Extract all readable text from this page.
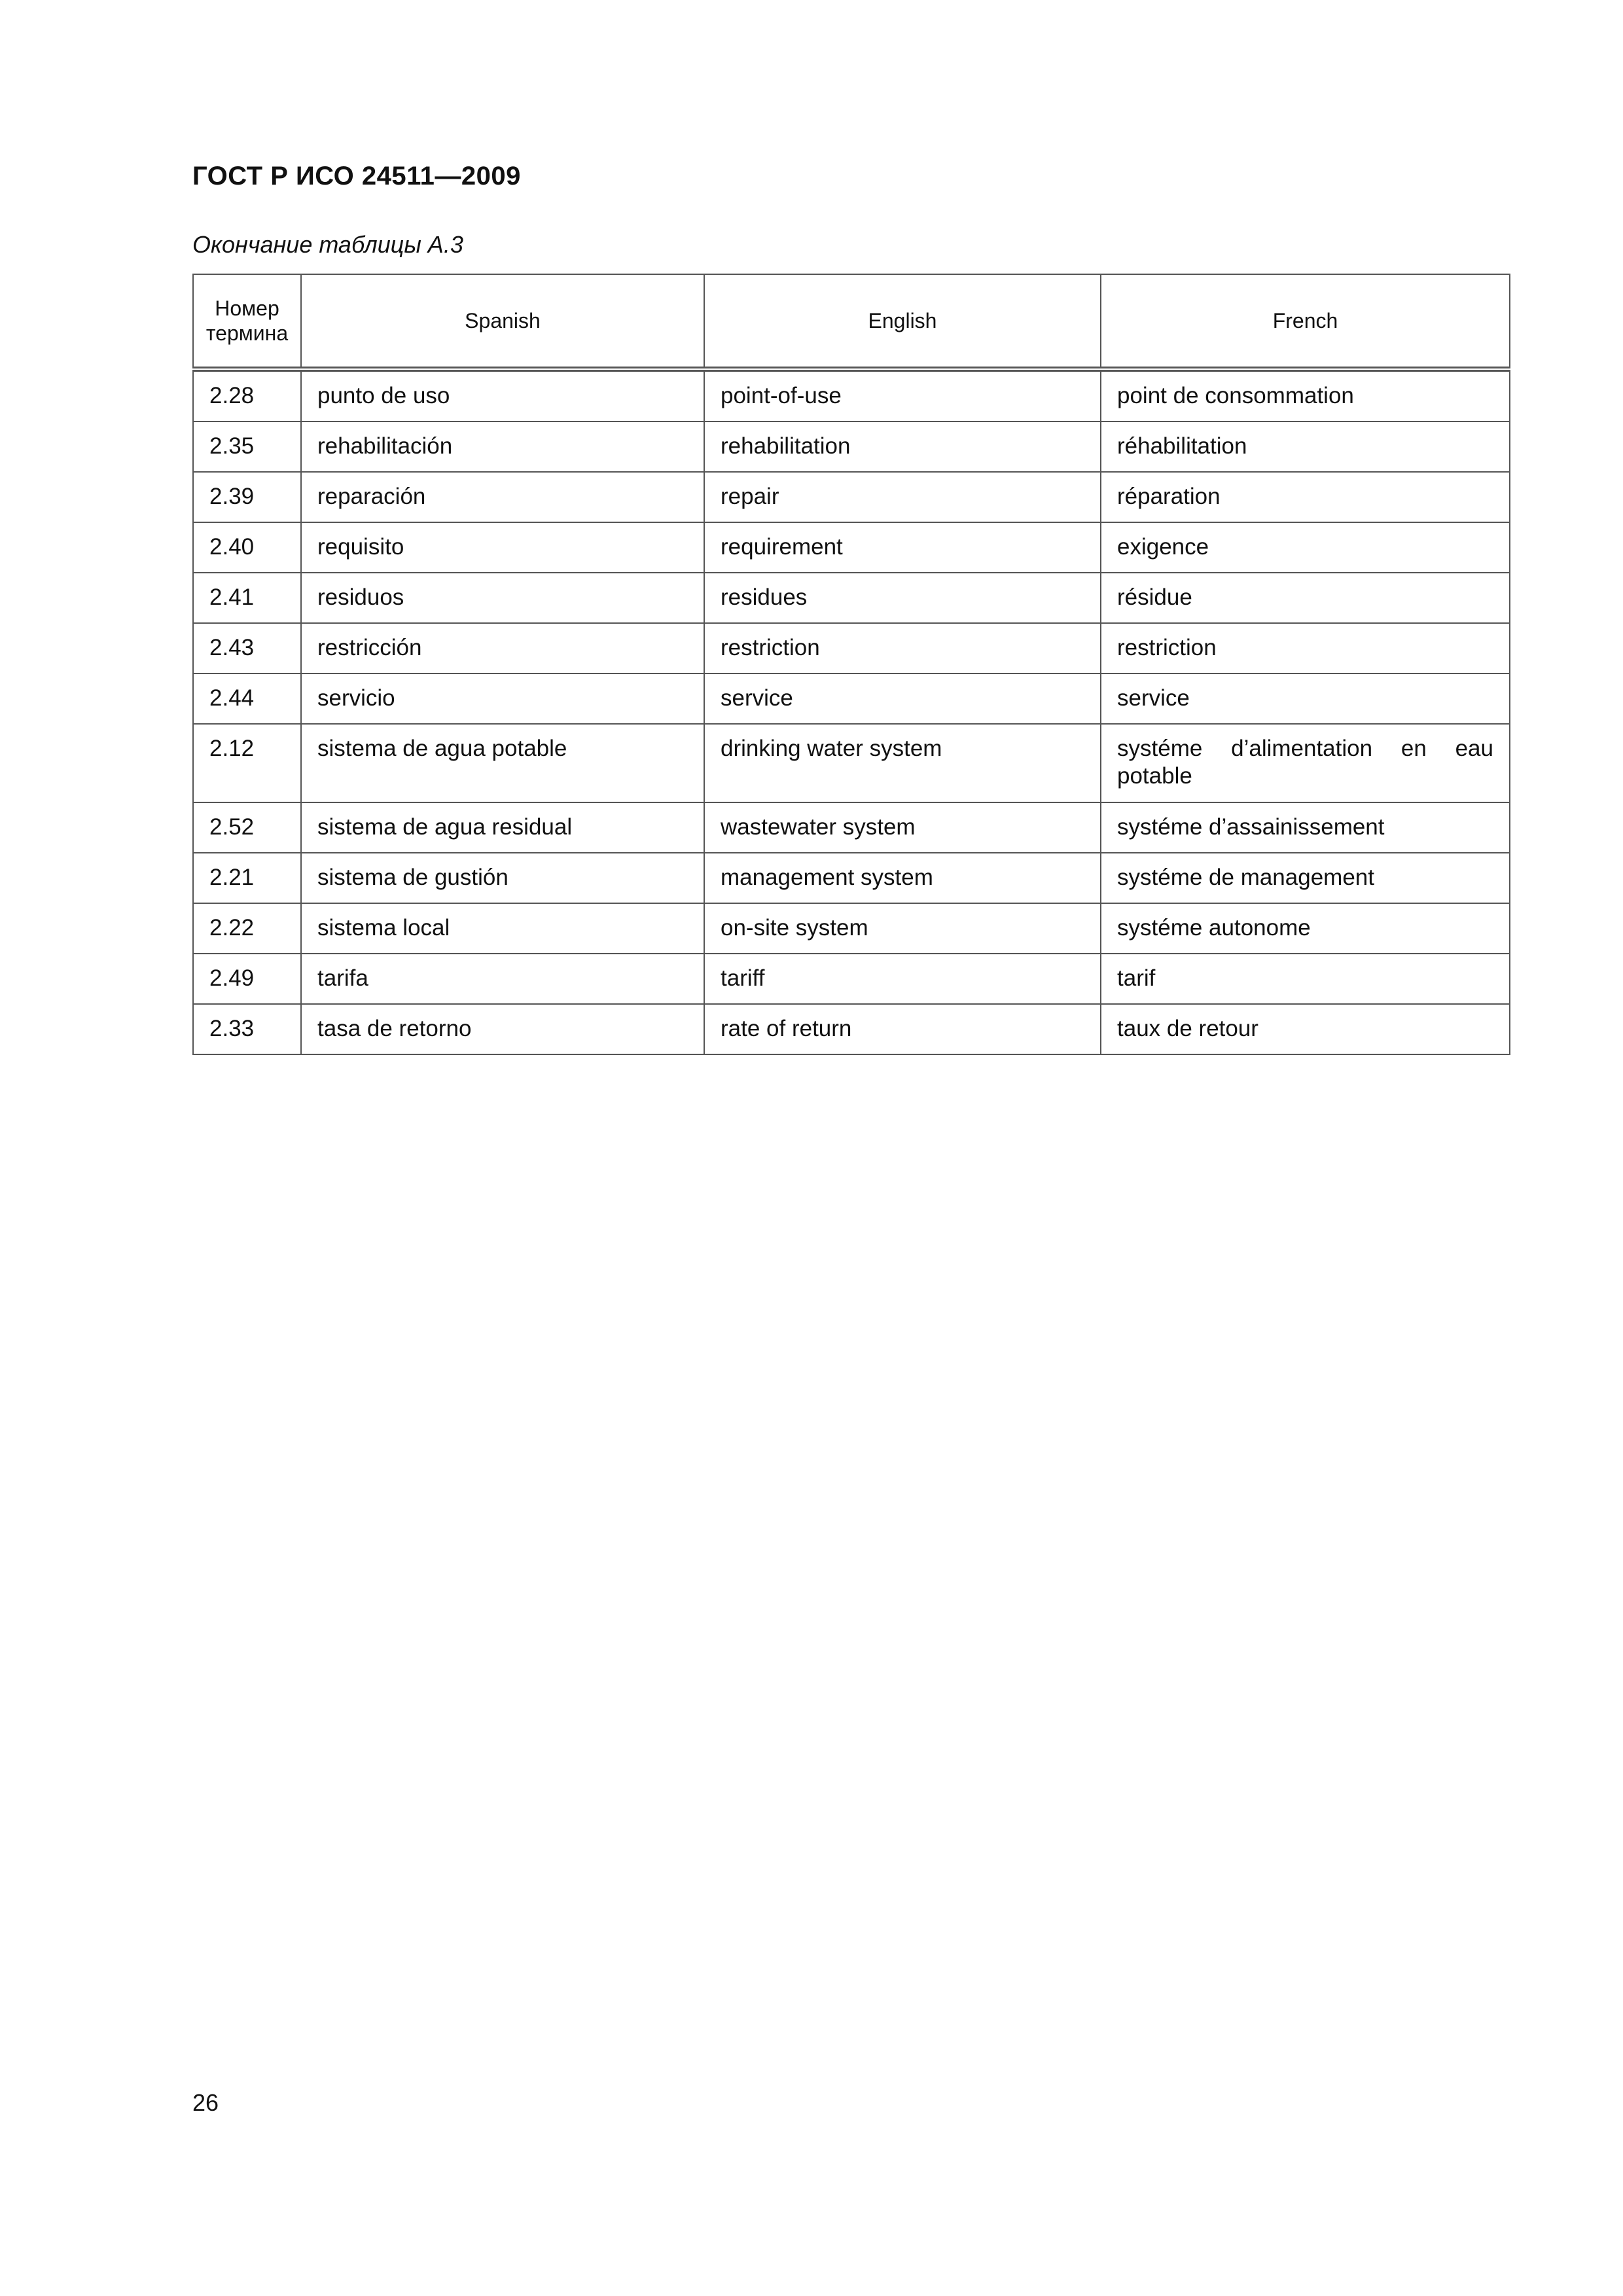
ГОСТ Р ИСО 24511—2009
Окончание таблицы А.3
Номер
термина	Spanish	English	French

2.28	punto de uso	point-of-use	point de consommation

2.35	rehabilitación	rehabilitation	réhabilitation

2.39	reparación	repair	réparation

2.40	requisito	requirement	exigence

2.41	residuos	residues	résidue

2.43	restricción	restriction	restriction

2.44	servicio	service	service

2.12	sistema de agua potable	drinking water system	systéme d’alimentation en eau potable

2.52	sistema de agua residual	wastewater system	systéme d’assainissement

2.21	sistema de gustión	management system	systéme de management

2.22	sistema local	on-site system	systéme autonome

2.49	tarifa	tariff	tarif

2.33	tasa de retorno	rate of return	taux de retour
26
